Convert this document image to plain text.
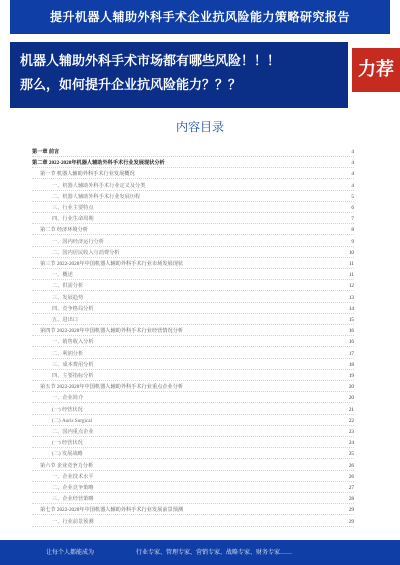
提升机器人辅助外科手术企业抗风险能力策略研究报告
机器人辅助外科手术市场都有哪些风险！！！
那么，如何提升企业抗风险能力？？？
力荐
内容目录
第一章 前言	4
第二章 2022-2028年机器人辅助外科手术行业发展现状分析	4
第一节 机器人辅助外科手术行业发展概况	4
一、机器人辅助外科手术行业定义及分类	4
二、机器人辅助外科手术行业发展历程	5
三、行业主要特点	6
四、行业生命周期	7
第二节 经济环境分析	8
一、国内经济运行分析	9
二、国内居民收入与消费分析	10
第三节 2022-2028年中国机器人辅助外科手术行业市场发展现状	11
一、概述	11
二、供需分析	12
三、发展趋势	13
四、竞争格局分析	14
五、进出口	15
第四节 2022-2028年中国机器人辅助外科手术行业经营情况分析	16
一、销售收入分析	16
二、利润分析	17
三、成本费用分析	18
四、主要指标分析	19
第五节 2022-2028年中国机器人辅助外科手术行业重点企业分析	20
一、企业简介	20
(一) 经营状况	21
(二) Auris Surgical	22
二、国内重点企业	23
(一) 经营状况	24
(二) 发展战略	25
第六节 企业竞争力分析	26
一、企业技术水平	26
二、企业竞争策略	27
三、企业经营策略	28
第七节 2022-2028年中国机器人辅助外科手术行业发展前景预测	29
一、行业前景预测	29
让每个人都能成为	行业专家、管理专家、营销专家、战略专家、财务专家……
